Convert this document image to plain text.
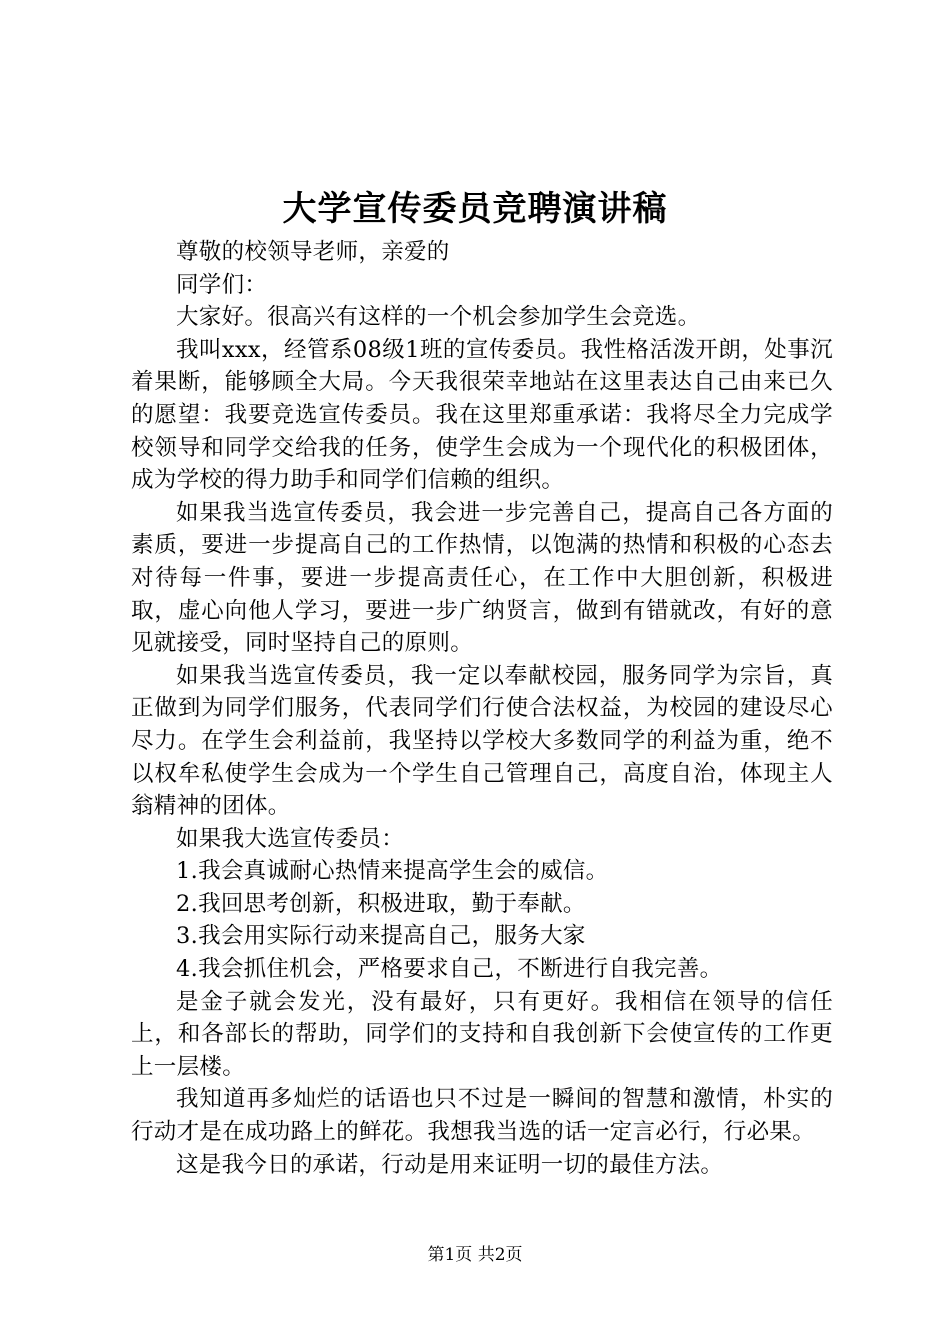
大学宣传委员竞聘演讲稿

尊敬的校领导老师，亲爱的

同学们：

大家好。很高兴有这样的一个机会参加学生会竞选。

我叫xxx，经管系08级1班的宣传委员。我性格活泼开朗，处事沉着果断，能够顾全大局。今天我很荣幸地站在这里表达自己由来已久的愿望：我要竞选宣传委员。我在这里郑重承诺：我将尽全力完成学校领导和同学交给我的任务，使学生会成为一个现代化的积极团体，成为学校的得力助手和同学们信赖的组织。

如果我当选宣传委员，我会进一步完善自己，提高自己各方面的素质，要进一步提高自己的工作热情，以饱满的热情和积极的心态去对待每一件事，要进一步提高责任心，在工作中大胆创新，积极进取，虚心向他人学习，要进一步广纳贤言，做到有错就改，有好的意见就接受，同时坚持自己的原则。

如果我当选宣传委员，我一定以奉献校园，服务同学为宗旨，真正做到为同学们服务，代表同学们行使合法权益，为校园的建设尽心尽力。在学生会利益前，我坚持以学校大多数同学的利益为重，绝不以权牟私使学生会成为一个学生自己管理自己，高度自治，体现主人翁精神的团体。

如果我大选宣传委员：

1.我会真诚耐心热情来提高学生会的威信。

2.我回思考创新，积极进取，勤于奉献。

3.我会用实际行动来提高自己，服务大家

4.我会抓住机会，严格要求自己，不断进行自我完善。

是金子就会发光，没有最好，只有更好。我相信在领导的信任上，和各部长的帮助，同学们的支持和自我创新下会使宣传的工作更上一层楼。

我知道再多灿烂的话语也只不过是一瞬间的智慧和激情，朴实的行动才是在成功路上的鲜花。我想我当选的话一定言必行，行必果。

这是我今日的承诺，行动是用来证明一切的最佳方法。

第1页 共2页
